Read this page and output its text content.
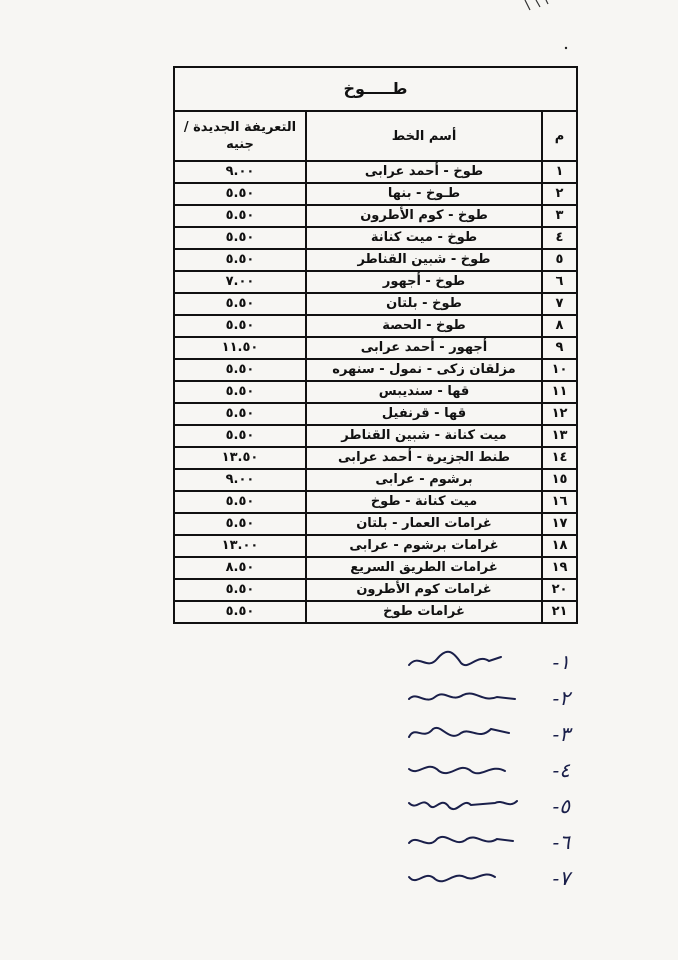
طـــــوخ		
م	أسم الخط	التعريفة الجديدة / جنيه
١	طوخ - أحمد عرابى	٩.٠٠
٢	طـوخ - بنها	٥.٥٠
٣	طوخ - كوم الأطرون	٥.٥٠
٤	طوخ - ميت كنانة	٥.٥٠
٥	طوخ - شبين القناطر	٥.٥٠
٦	طوخ - أجهور	٧.٠٠
٧	طوخ - بلتان	٥.٥٠
٨	طوخ - الحصة	٥.٥٠
٩	أجهور - أحمد عرابى	١١.٥٠
١٠	مزلقان زكى - نمول - سنهره	٥.٥٠
١١	قها - سنديبس	٥.٥٠
١٢	قها - قرنفيل	٥.٥٠
١٣	ميت كنانة - شبين القناطر	٥.٥٠
١٤	طنط الجزيرة - أحمد عرابى	١٣.٥٠
١٥	برشوم - عرابى	٩.٠٠
١٦	ميت كنانة - طوخ	٥.٥٠
١٧	غرامات العمار - بلتان	٥.٥٠
١٨	غرامات برشوم - عرابى	١٣.٠٠
١٩	غرامات الطريق السريع	٨.٥٠
٢٠	غرامات كوم الأطرون	٥.٥٠
٢١	غرامات طوخ	٥.٥٠
١-
٢-
٣-
٤-
٥-
٦-
٧-
